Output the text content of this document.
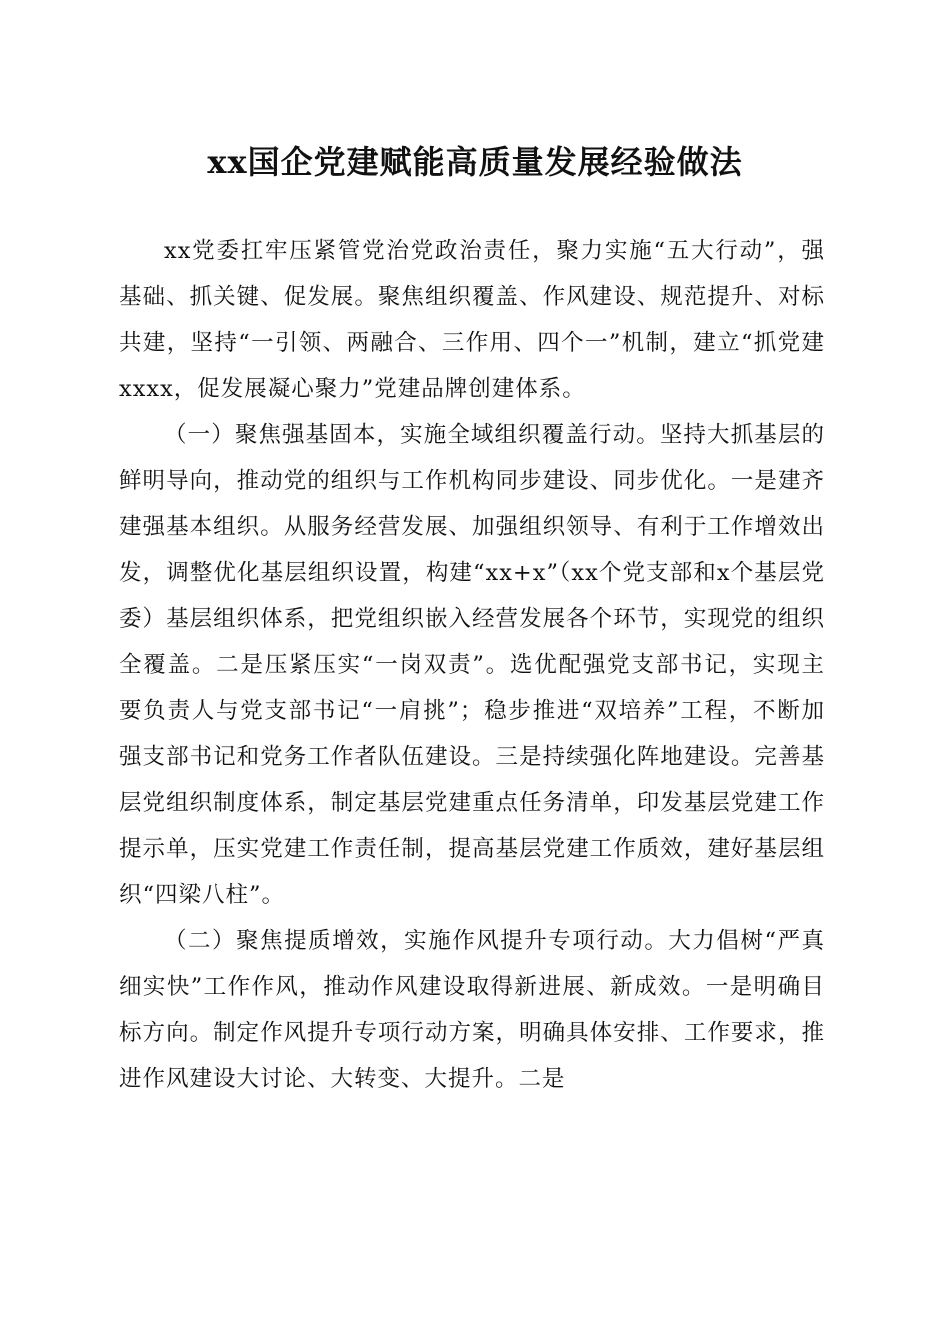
xx国企党建赋能高质量发展经验做法

xx党委扛牢压紧管党治党政治责任，聚力实施“五大行动”，强基础、抓关键、促发展。聚焦组织覆盖、作风建设、规范提升、对标共建，坚持“一引领、两融合、三作用、四个一”机制，建立“抓党建xxxx，促发展凝心聚力”党建品牌创建体系。

（一）聚焦强基固本，实施全域组织覆盖行动。坚持大抓基层的鲜明导向，推动党的组织与工作机构同步建设、同步优化。一是建齐建强基本组织。从服务经营发展、加强组织领导、有利于工作增效出发，调整优化基层组织设置，构建“xx+x”（xx个党支部和x个基层党委）基层组织体系，把党组织嵌入经营发展各个环节，实现党的组织全覆盖。二是压紧压实“一岗双责”。选优配强党支部书记，实现主要负责人与党支部书记“一肩挑”；稳步推进“双培养”工程，不断加强支部书记和党务工作者队伍建设。三是持续强化阵地建设。完善基层党组织制度体系，制定基层党建重点任务清单，印发基层党建工作提示单，压实党建工作责任制，提高基层党建工作质效，建好基层组织“四梁八柱”。

（二）聚焦提质增效，实施作风提升专项行动。大力倡树“严真细实快”工作作风，推动作风建设取得新进展、新成效。一是明确目标方向。制定作风提升专项行动方案，明确具体安排、工作要求，推进作风建设大讨论、大转变、大提升。二是
